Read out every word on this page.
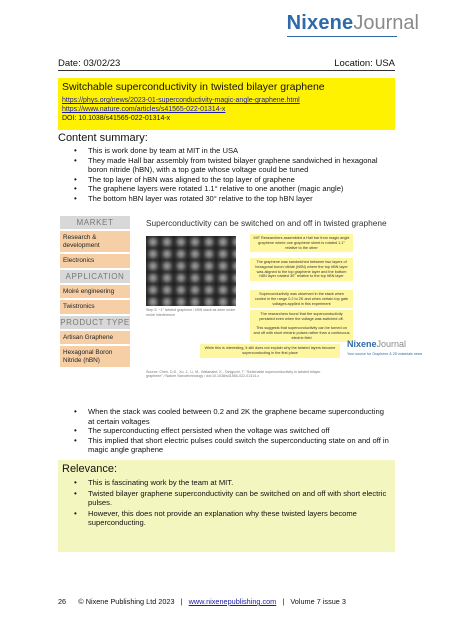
NixeneJournal
Date: 03/02/23	Location: USA
Switchable superconductivity in twisted bilayer graphene
https://phys.org/news/2023-01-superconductivity-magic-angle-graphene.html
https://www.nature.com/articles/s41565-022-01314-x
DOI: 10.1038/s41565-022-01314-x
Content summary:
• This is work done by team at MIT in the USA
• They made Hall bar assembly from twisted bilayer graphene sandwiched in hexagonal boron nitride (hBN), with a top gate whose voltage could be tuned
• The top layer of hBN was aligned to the top layer of graphene
• The graphene layers were rotated 1.1° relative to one another (magic angle)
• The bottom hBN layer was rotated 30° relative to the top hBN layer
MARKET
Research & development
Electronics
APPLICATION
Moiré engineering
Twistronics
PRODUCT TYPE
Artisan Graphene
Hexagonal Boron Nitride (hBN)
Superconductivity can be switched on and off in twisted graphene
Step 3: ~1° twisted graphene / hBN stack as seen under moiré interference
MIT Researchers assembled a Hall bar from magic angle graphene where one graphene sheet is rotated 1.1° relative to the other
The graphene was sandwiched between two layers of hexagonal boron nitride (hBN) where the top hBN layer was aligned to the top graphene layer and the bottom hBN layer rotated 30° relative to the top hBN layer
Superconductivity was observed in the stack when cooled in the range 0.2 to 2K and when certain top gate voltages applied in this experiment
The researchers found that the superconductivity persisted even when the voltage was switched off.
This suggests that superconductivity can be turned on and off with short electric pulses rather than a continuous electric field
While this is interesting, it still does not explain why the twisted layers become superconducting in the first place
Source: Chen, D.D., Xu, J., Li, M., Watanabe, K., Taniguchi, T. "Switchable superconductivity in twisted bilayer graphene" / Nature Nanotechnology / doi:10.1038/s41565-022-01314-x
NixeneJournal
Your source for Graphene & 2D materials news
• When the stack was cooled between 0.2 and 2K the graphene became superconducting at certain voltages
• The superconducting effect persisted when the voltage was switched off
• This implied that short electric pulses could switch the superconducting state on and off in magic angle graphene
Relevance:
• This is fascinating work by the team at MIT.
• Twisted bilayer graphene superconductivity can be switched on and off with short electric pulses.
• However, this does not provide an explanation why these twisted layers become superconducting.
26 © Nixene Publishing Ltd 2023 | www.nixenepublishing.com | Volume 7 issue 3
